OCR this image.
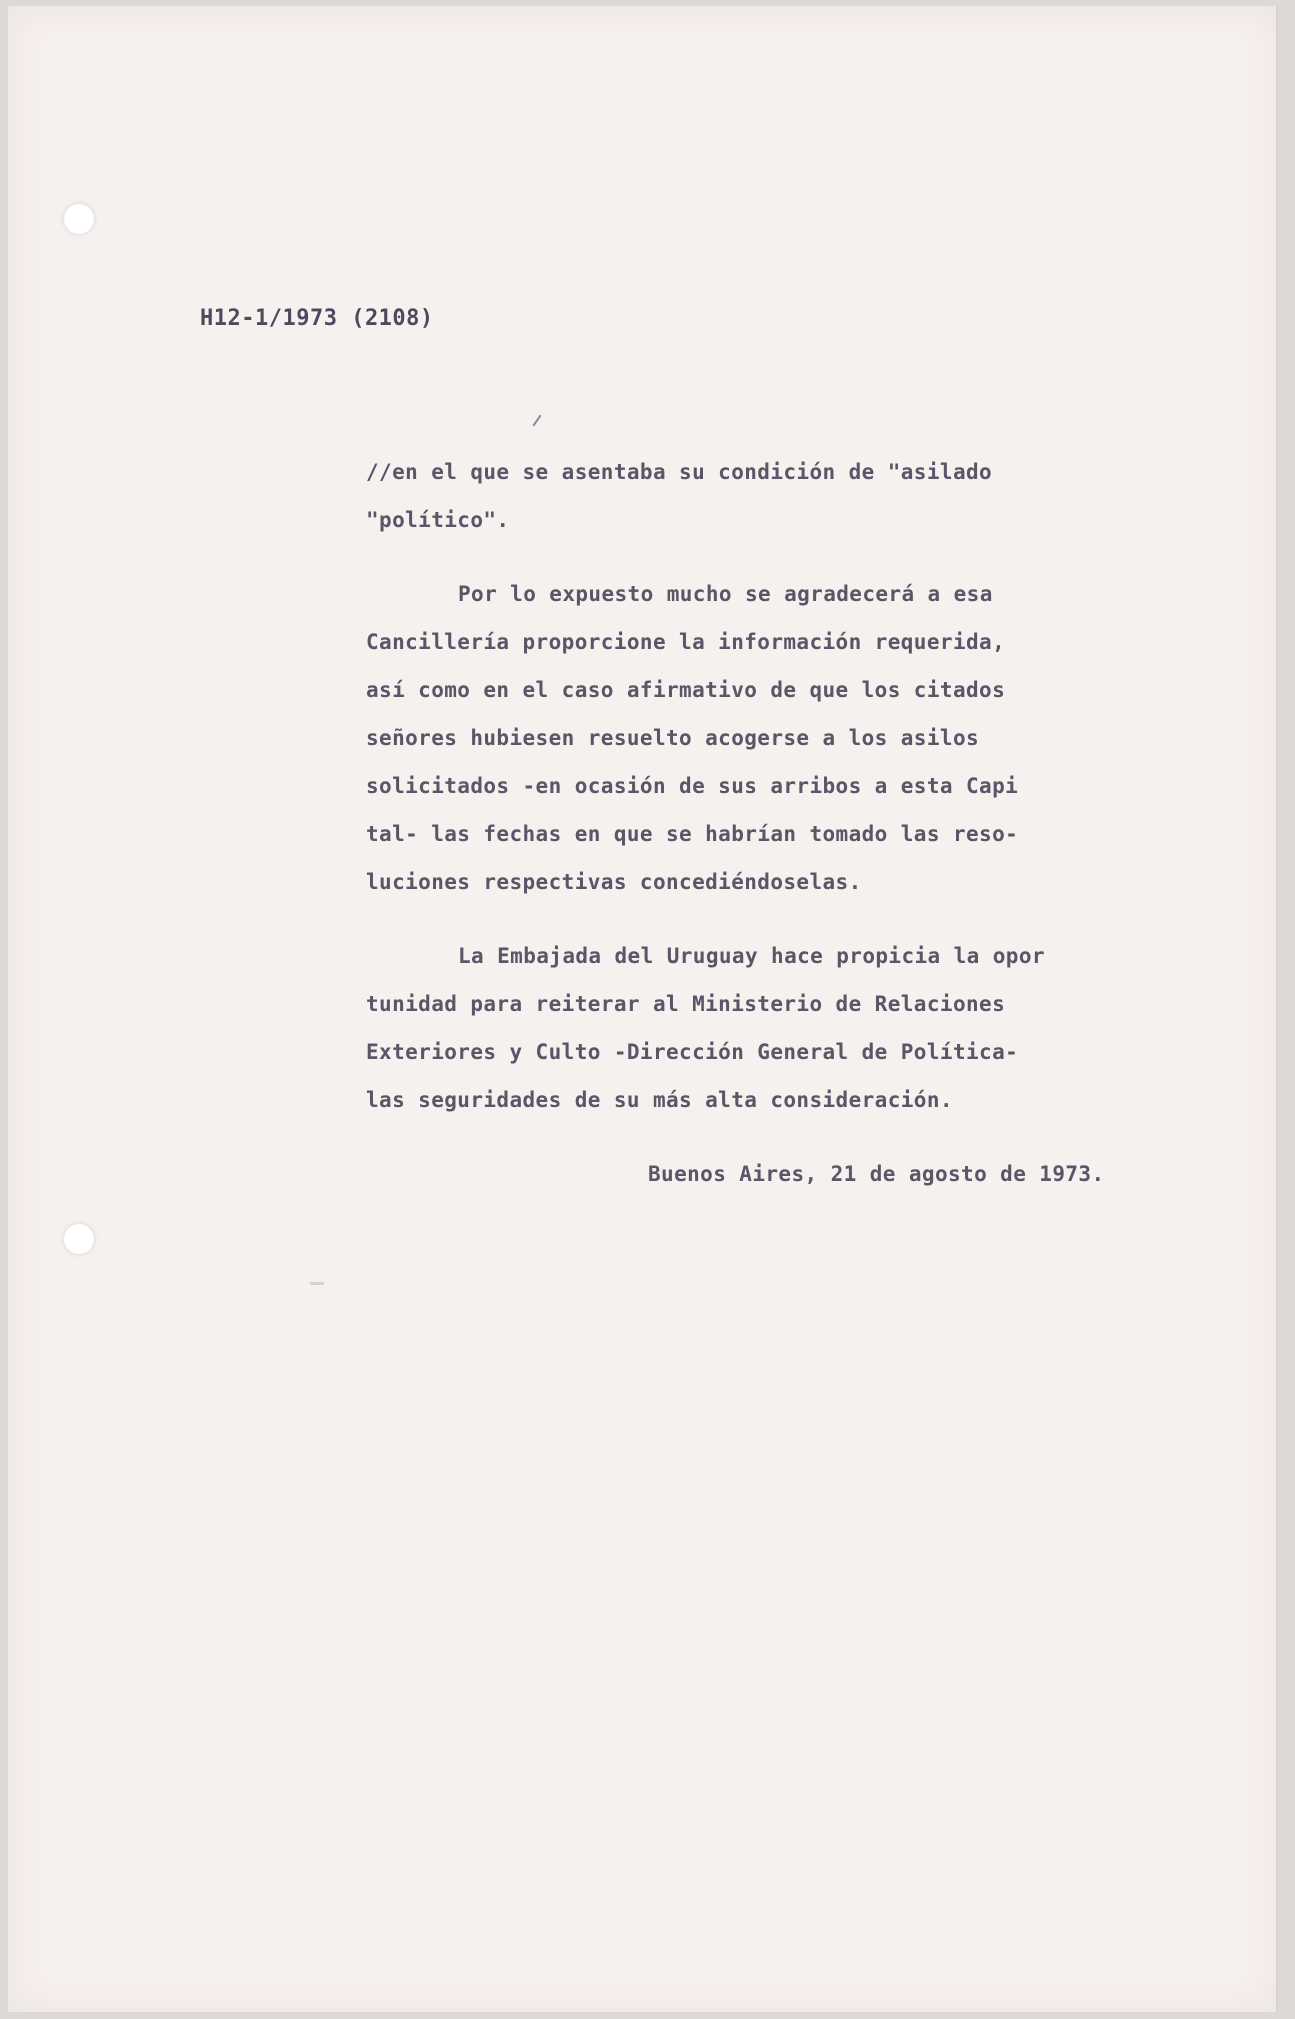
H12-1/1973 (2108)
//en el que se asentaba su condición de "asilado
"político".
Por lo expuesto mucho se agradecerá a esa
Cancillería proporcione la información requerida,
así como en el caso afirmativo de que los citados
señores hubiesen resuelto acogerse a los asilos
solicitados -en ocasión de sus arribos a esta Capi
tal- las fechas en que se habrían tomado las reso-
luciones respectivas concediéndoselas.
La Embajada del Uruguay hace propicia la opor
tunidad para reiterar al Ministerio de Relaciones
Exteriores y Culto -Dirección General de Política-
las seguridades de su más alta consideración.
Buenos Aires, 21 de agosto de 1973.
